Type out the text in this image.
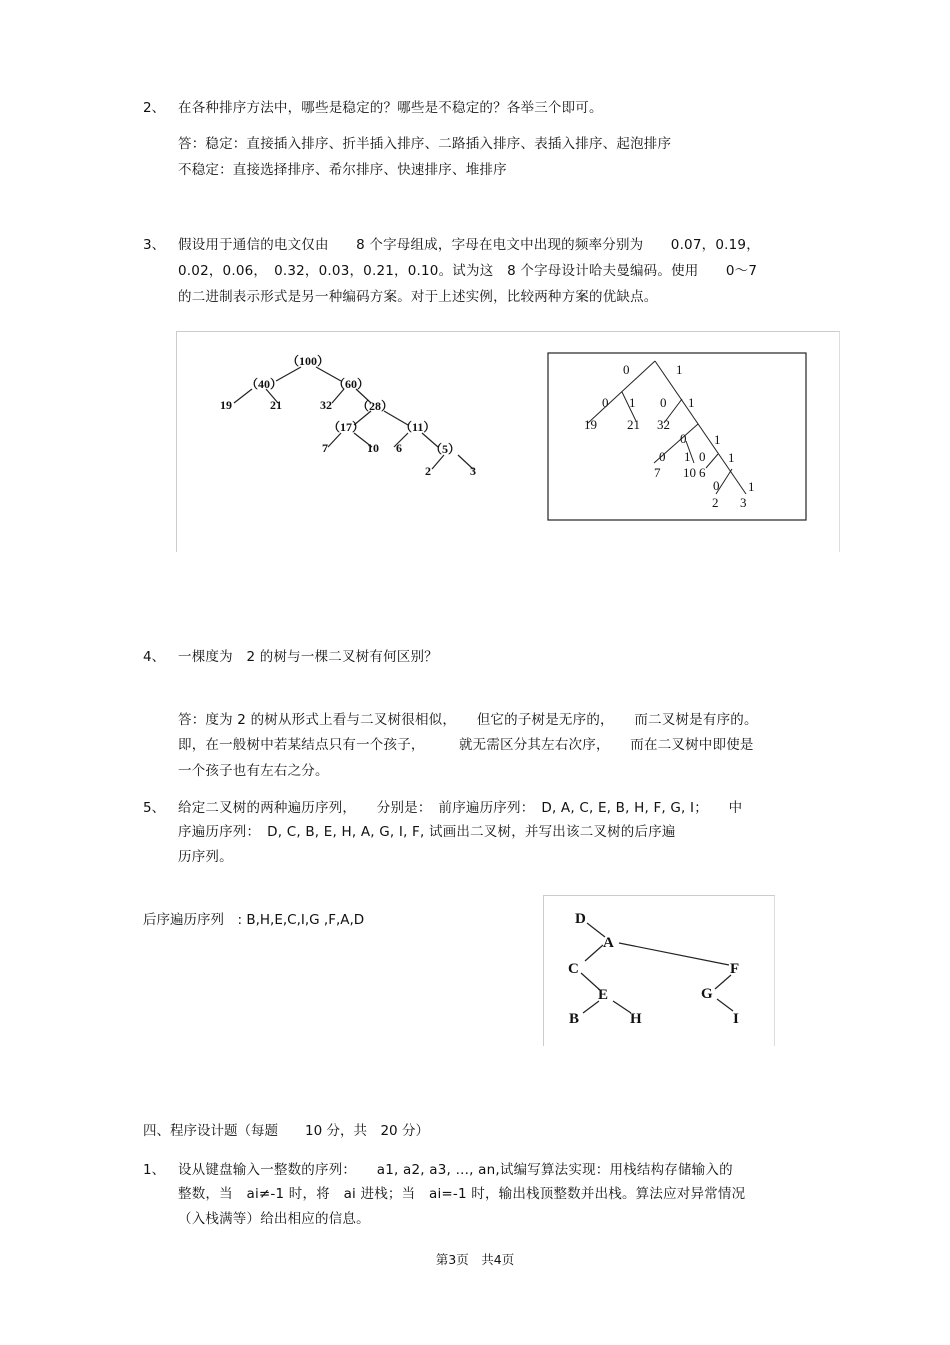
2、 在各种排序方法中，哪些是稳定的？哪些是不稳定的？各举三个即可。
答：稳定：直接插入排序、折半插入排序、二路插入排序、表插入排序、起泡排序
不稳定：直接选择排序、希尔排序、快速排序、堆排序
3、 假设用于通信的电文仅由　　8 个字母组成，字母在电文中出现的频率分别为　　0.07，0.19，
0.02，0.06，　0.32，0.03，0.21，0.10。试为这　8 个字母设计哈夫曼编码。使用　　0～7
的二进制表示形式是另一种编码方案。对于上述实例，比较两种方案的优缺点。
（100）
（40）	（60）
19	21	32 （28）
（17）	（11）
7	10 6 （5）
2	3
0	1
0 1 0 1
19 21 32
0 1
0 1 0 1
7 10 6
0 1
2 3
4、 一棵度为　2 的树与一棵二叉树有何区别？
答：度为 2 的树从形式上看与二叉树很相似，　　但它的子树是无序的，　　而二叉树是有序的。
即，在一般树中若某结点只有一个孩子，　　　就无需区分其左右次序，　　而在二叉树中即使是
一个孩子也有左右之分。
5、 给定二叉树的两种遍历序列，　　分别是：　前序遍历序列：　D, A, C, E, B, H, F, G, I；　　中
序遍历序列：　D, C, B, E, H, A, G, I, F, 试画出二叉树，并写出该二叉树的后序遍
历序列。
后序遍历序列　: B,H,E,C,I,G ,F,A,D	D
A
C	F
E	G
B	H	I
四、程序设计题（每题　　10 分，共　20 分）
1、 设从键盘输入一整数的序列：　　a1, a2, a3, …, an,试编写算法实现：用栈结构存储输入的
整数，当　ai≠-1 时，将　ai 进栈；当　ai=-1 时，输出栈顶整数并出栈。算法应对异常情况
（入栈满等）给出相应的信息。
第3页　共4页
